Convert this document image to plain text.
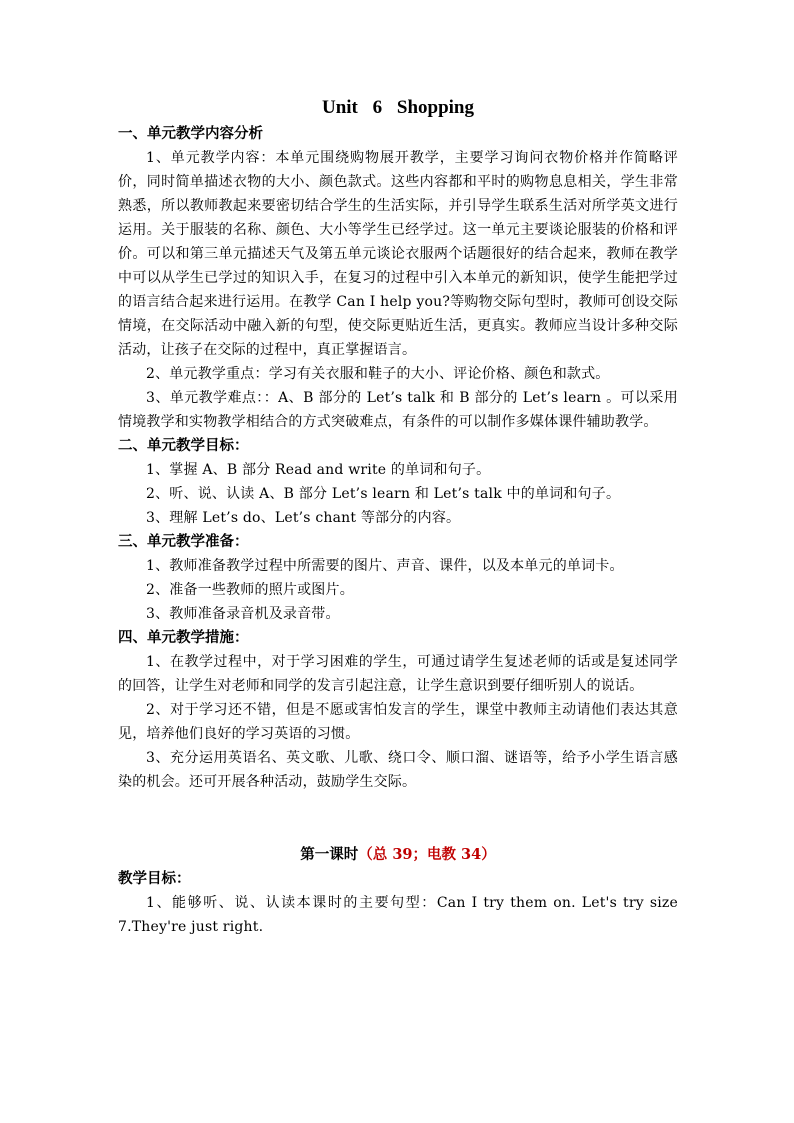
Unit 6 Shopping
一、单元教学内容分析

1、单元教学内容：本单元围绕购物展开教学，主要学习询问衣物价格并作简略评价，同时简单描述衣物的大小、颜色款式。这些内容都和平时的购物息息相关，学生非常熟悉，所以教师教起来要密切结合学生的生活实际，并引导学生联系生活对所学英文进行运用。关于服装的名称、颜色、大小等学生已经学过。这一单元主要谈论服装的价格和评价。可以和第三单元描述天气及第五单元谈论衣服两个话题很好的结合起来，教师在教学中可以从学生已学过的知识入手，在复习的过程中引入本单元的新知识，使学生能把学过的语言结合起来进行运用。在教学 Can I help you?等购物交际句型时，教师可创设交际情境，在交际活动中融入新的句型，使交际更贴近生活，更真实。教师应当设计多种交际活动，让孩子在交际的过程中，真正掌握语言。

2、单元教学重点：学习有关衣服和鞋子的大小、评论价格、颜色和款式。

3、单元教学难点：：A、B 部分的 Let’s talk 和 B 部分的 Let’s learn 。可以采用情境教学和实物教学相结合的方式突破难点，有条件的可以制作多媒体课件辅助教学。

二、单元教学目标：

1、掌握 A、B 部分 Read and write 的单词和句子。

2、听、说、认读 A、B 部分 Let’s learn 和 Let’s talk 中的单词和句子。

3、理解 Let’s do、Let’s chant 等部分的内容。

三、单元教学准备：

1、教师准备教学过程中所需要的图片、声音、课件，以及本单元的单词卡。

2、准备一些教师的照片或图片。

3、教师准备录音机及录音带。

四、单元教学措施：

1、在教学过程中，对于学习困难的学生，可通过请学生复述老师的话或是复述同学的回答，让学生对老师和同学的发言引起注意，让学生意识到要仔细听别人的说话。

2、对于学习还不错，但是不愿或害怕发言的学生，课堂中教师主动请他们表达其意见，培养他们良好的学习英语的习惯。

3、充分运用英语名、英文歌、儿歌、绕口令、顺口溜、谜语等，给予小学生语言感染的机会。还可开展各种活动，鼓励学生交际。

第一课时（总 39；电教 34）
教学目标：

1、能够听、说、认读本课时的主要句型：Can I try them on. Let's try size 7.They're just right.
